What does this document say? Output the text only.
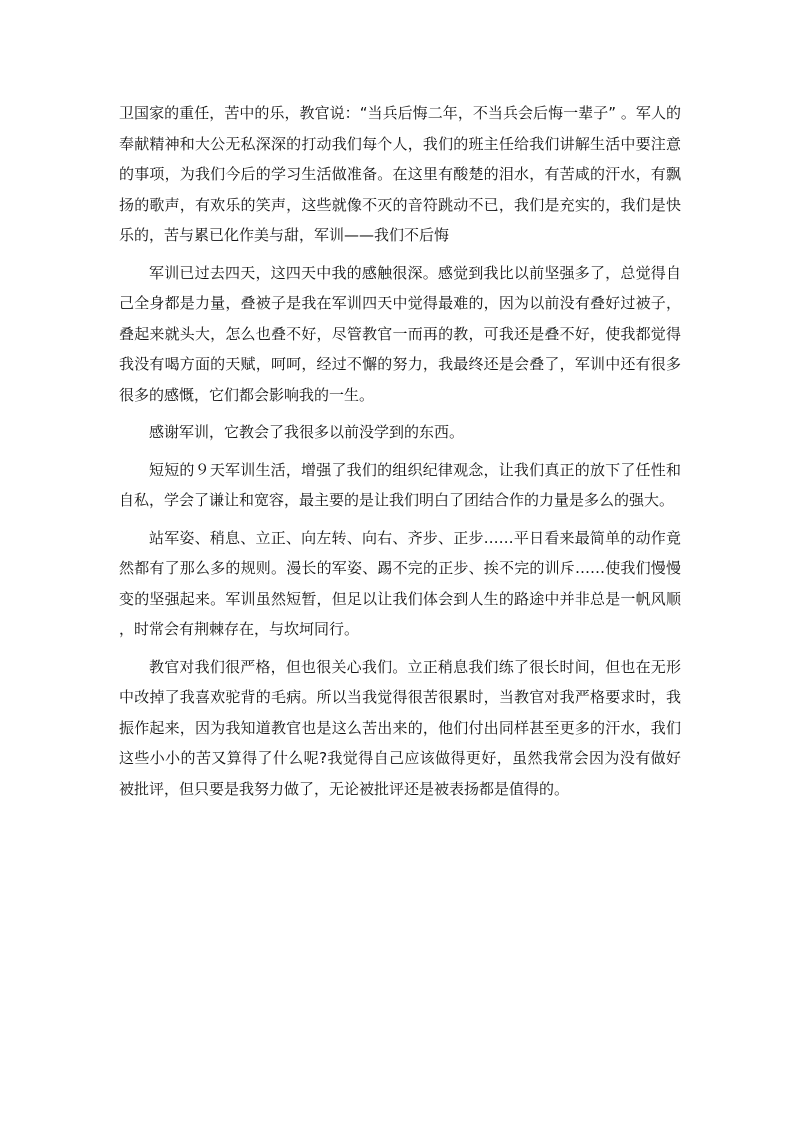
卫国家的重任，苦中的乐，教官说：“当兵后悔二年，不当兵会后悔一辈子” 。军人的奉献精神和大公无私深深的打动我们每个人，我们的班主任给我们讲解生活中要注意的事项，为我们今后的学习生活做准备。在这里有酸楚的泪水，有苦咸的汗水，有飘扬的歌声，有欢乐的笑声，这些就像不灭的音符跳动不已，我们是充实的，我们是快乐的，苦与累已化作美与甜，军训——我们不后悔

军训已过去四天，这四天中我的感触很深。感觉到我比以前坚强多了，总觉得自己全身都是力量，叠被子是我在军训四天中觉得最难的，因为以前没有叠好过被子，叠起来就头大，怎么也叠不好，尽管教官一而再的教，可我还是叠不好，使我都觉得我没有喝方面的天赋，呵呵，经过不懈的努力，我最终还是会叠了，军训中还有很多很多的感慨，它们都会影响我的一生。

感谢军训，它教会了我很多以前没学到的东西。

短短的９天军训生活，增强了我们的组织纪律观念，让我们真正的放下了任性和自私，学会了谦让和宽容，最主要的是让我们明白了团结合作的力量是多么的强大。

站军姿、稍息、立正、向左转、向右、齐步、正步……平日看来最简单的动作竟然都有了那么多的规则。漫长的军姿、踢不完的正步、挨不完的训斥……使我们慢慢变的坚强起来。军训虽然短暂，但足以让我们体会到人生的路途中并非总是一帆风顺，时常会有荆棘存在，与坎坷同行。

教官对我们很严格，但也很关心我们。立正稍息我们练了很长时间，但也在无形中改掉了我喜欢驼背的毛病。所以当我觉得很苦很累时，当教官对我严格要求时，我振作起来，因为我知道教官也是这么苦出来的，他们付出同样甚至更多的汗水，我们这些小小的苦又算得了什么呢?我觉得自己应该做得更好，虽然我常会因为没有做好被批评，但只要是我努力做了，无论被批评还是被表扬都是值得的。
